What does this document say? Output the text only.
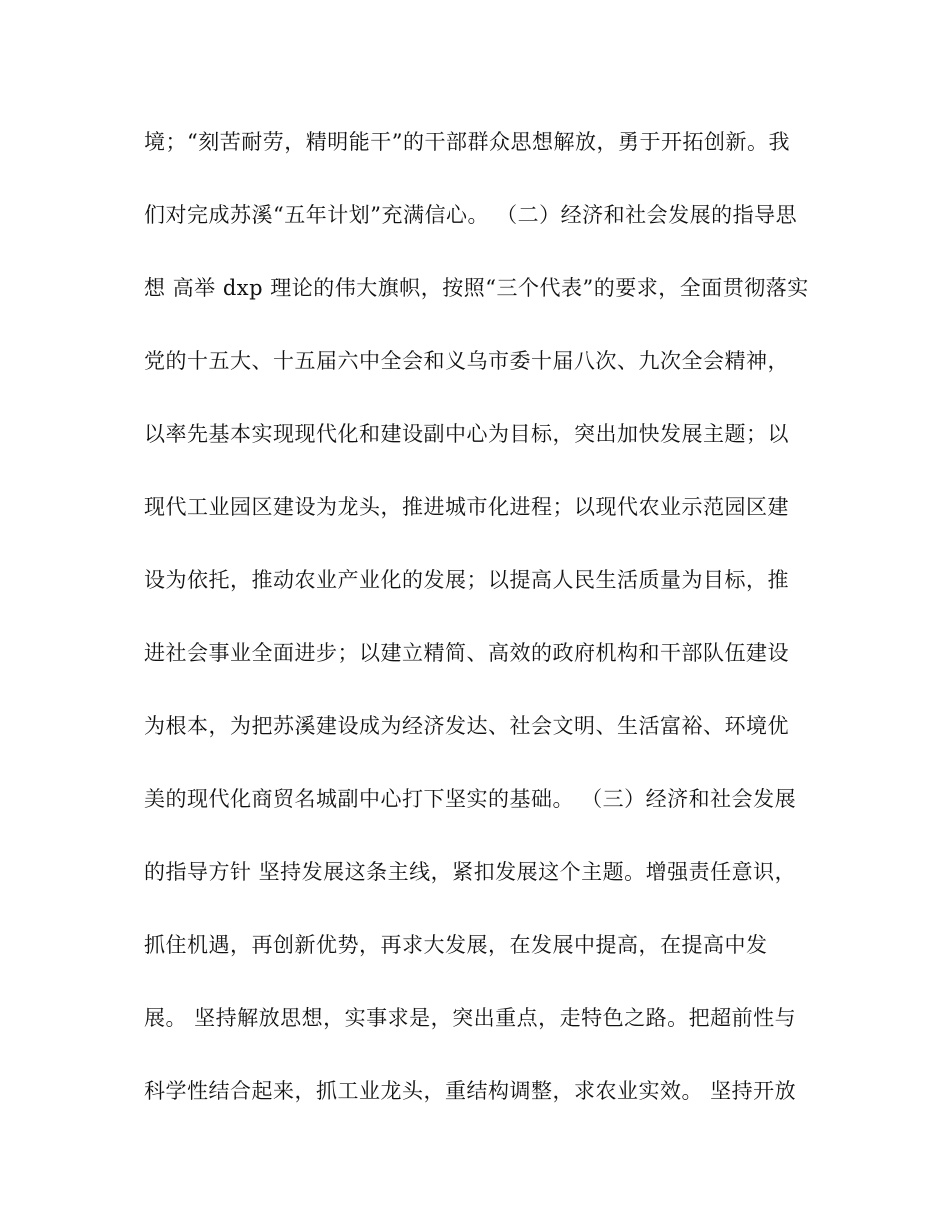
境；“刻苦耐劳，精明能干”的干部群众思想解放，勇于开拓创新。我
们对完成苏溪“五年计划”充满信心。 （二）经济和社会发展的指导思
想 高举 dxp 理论的伟大旗帜，按照“三个代表”的要求，全面贯彻落实
党的十五大、十五届六中全会和义乌市委十届八次、九次全会精神，
以率先基本实现现代化和建设副中心为目标，突出加快发展主题；以
现代工业园区建设为龙头，推进城市化进程；以现代农业示范园区建
设为依托，推动农业产业化的发展；以提高人民生活质量为目标，推
进社会事业全面进步；以建立精简、高效的政府机构和干部队伍建设
为根本，为把苏溪建设成为经济发达、社会文明、生活富裕、环境优
美的现代化商贸名城副中心打下坚实的基础。 （三）经济和社会发展
的指导方针 坚持发展这条主线，紧扣发展这个主题。增强责任意识，
抓住机遇，再创新优势，再求大发展，在发展中提高，在提高中发
展。 坚持解放思想，实事求是，突出重点，走特色之路。把超前性与
科学性结合起来，抓工业龙头，重结构调整，求农业实效。 坚持开放
